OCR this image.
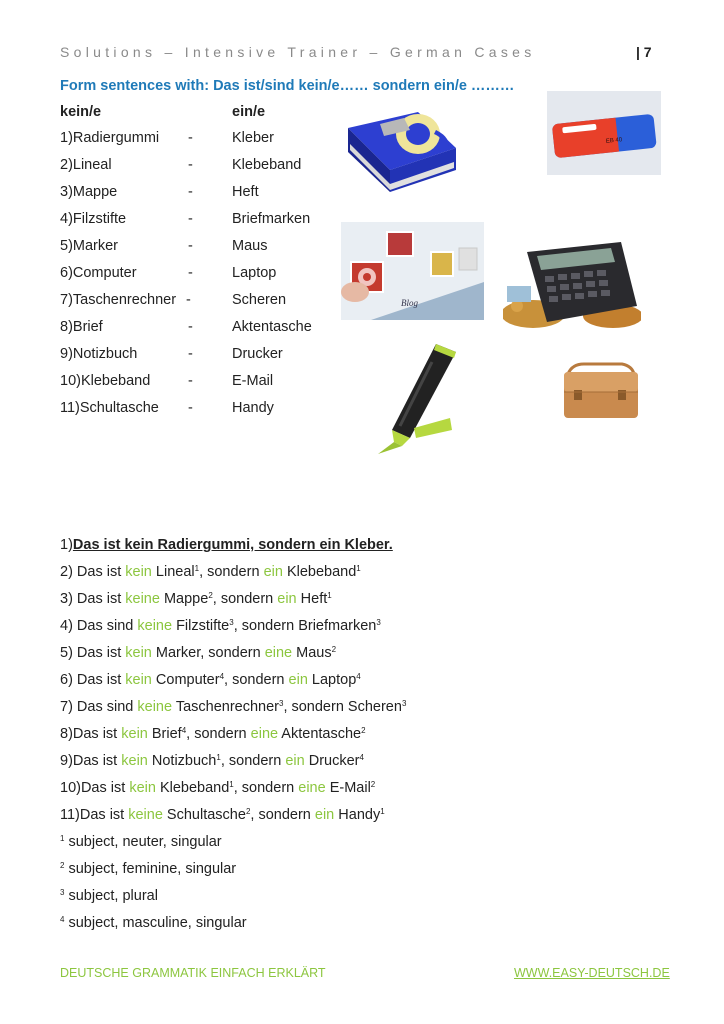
Solutions – Intensive Trainer – German Cases	| 7
Form sentences with: Das ist/sind kein/e…… sondern ein/e ………
kein/e	ein/e
1)Radiergummi -	Kleber
2)Lineal	-	Klebeband
3)Mappe	-	Heft
4)Filzstifte	-	Briefmarken
5)Marker	-	Maus
6)Computer	-	Laptop
7)Taschenrechner -	Scheren
8)Brief	-	Aktentasche
9)Notizbuch	-	Drucker
10)Klebeband	-	E-Mail
11)Schultasche -	Handy
EB 40
Blog
1)Das ist kein Radiergummi, sondern ein Kleber.
2) Das ist kein Lineal$^1$, sondern ein Klebeband$^1$
3) Das ist keine Mappe$^2$, sondern ein Heft$^1$
4) Das sind keine Filzstifte$^3$, sondern Briefmarken$^3$
5) Das ist kein Marker, sondern eine Maus$^2$
6) Das ist kein Computer$^4$, sondern ein Laptop$^4$
7) Das sind keine Taschenrechner$^3$, sondern Scheren$^3$
8)Das ist kein Brief$^4$, sondern eine Aktentasche$^2$
9)Das ist kein Notizbuch$^1$, sondern ein Drucker$^4$
10)Das ist kein Klebeband$^1$, sondern eine E-Mail$^2$
11)Das ist keine Schultasche$^2$, sondern ein Handy$^1$
$^1$ subject, neuter, singular
$^2$ subject, feminine, singular
$^3$ subject, plural
$^4$ subject, masculine, singular
DEUTSCHE GRAMMATIK EINFACH ERKLÄRT	WWW.EASY-DEUTSCH.DE
